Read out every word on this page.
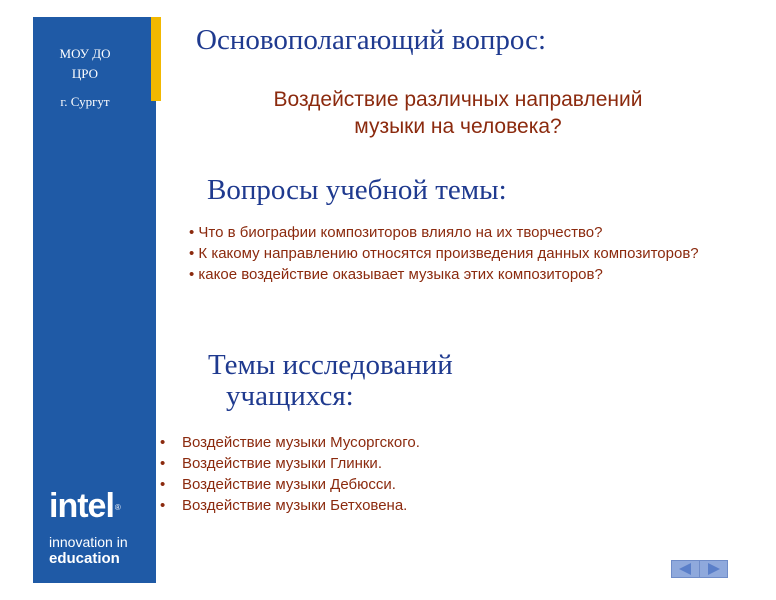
МОУ ДО
ЦРО
г. Сургут
intel®
innovation in
education
Основополагающий вопрос:
Воздействие различных направлений
музыки на человека?
Вопросы учебной темы:
• Что в биографии композиторов влияло на их творчество?
• К какому направлению относятся произведения данных композиторов?
• какое воздействие оказывает музыка этих композиторов?
Темы исследований
учащихся:
•	Воздействие музыки Мусоргского.
•	Воздействие музыки Глинки.
•	Воздействие музыки Дебюсси.
•	Воздействие музыки Бетховена.
